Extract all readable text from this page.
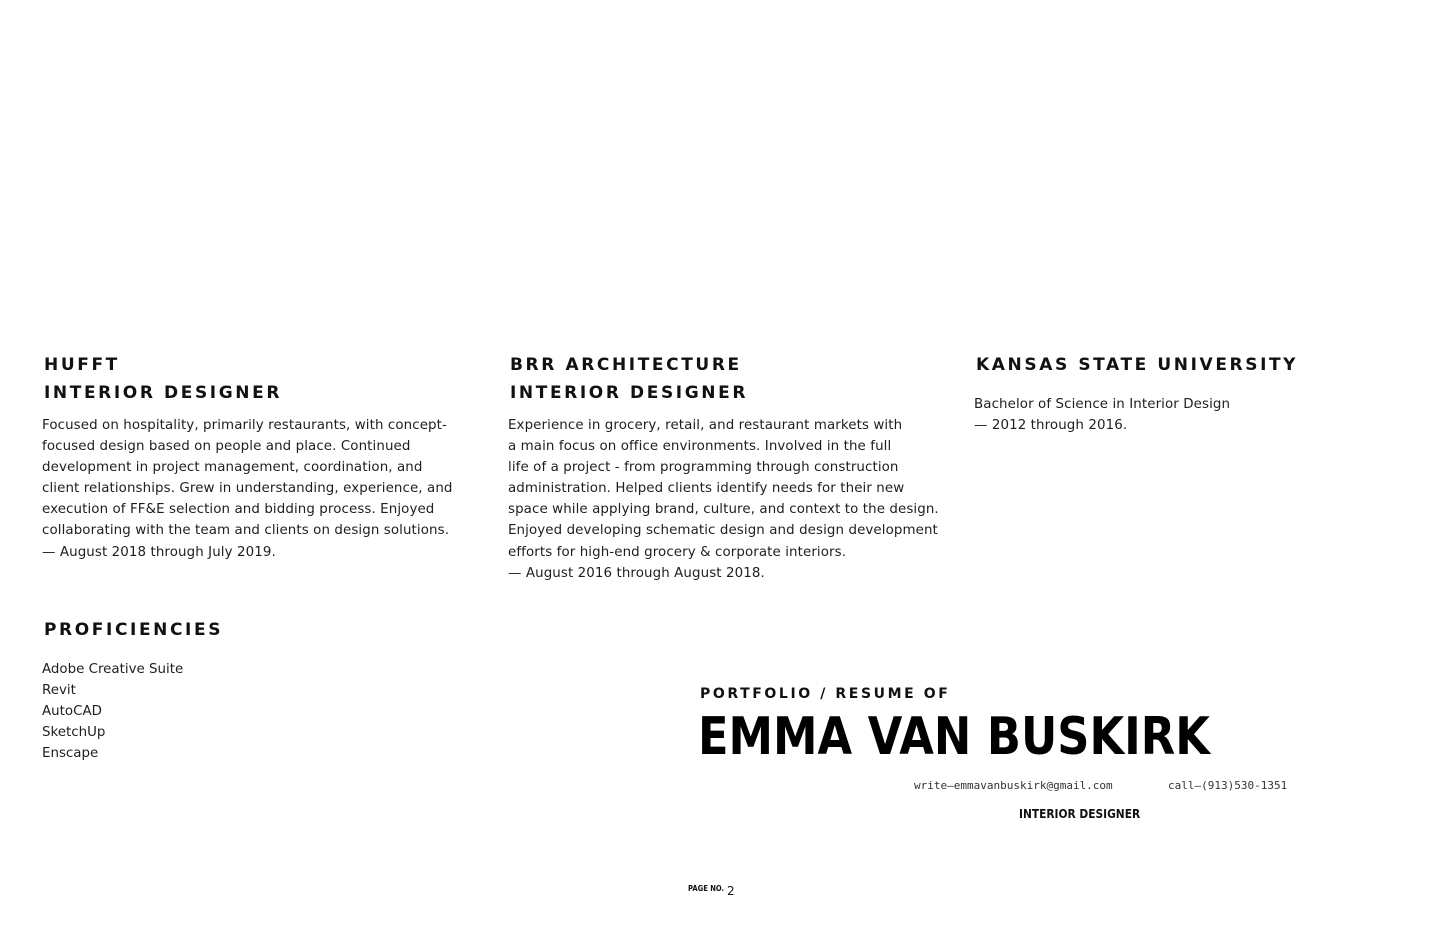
HUFFT
INTERIOR DESIGNER
Focused on hospitality, primarily restaurants, with concept-
focused design based on people and place. Continued
development in project management, coordination, and
client relationships. Grew in understanding, experience, and
execution of FF&E selection and bidding process. Enjoyed
collaborating with the team and clients on design solutions.
— August 2018 through July 2019.
BRR ARCHITECTURE
INTERIOR DESIGNER
Experience in grocery, retail, and restaurant markets with
a main focus on office environments. Involved in the full
life of a project - from programming through construction
administration. Helped clients identify needs for their new
space while applying brand, culture, and context to the design.
Enjoyed developing schematic design and design development
efforts for high-end grocery & corporate interiors.
— August 2016 through August 2018.
KANSAS STATE UNIVERSITY
Bachelor of Science in Interior Design
— 2012 through 2016.
PROFICIENCIES
Adobe Creative Suite
Revit
AutoCAD
SketchUp
Enscape
PORTFOLIO / RESUME OF
EMMA VAN BUSKIRK
write—emmavanbuskirk@gmail.com	call—(913)530-1351
INTERIOR DESIGNER
PAGE NO. 2
